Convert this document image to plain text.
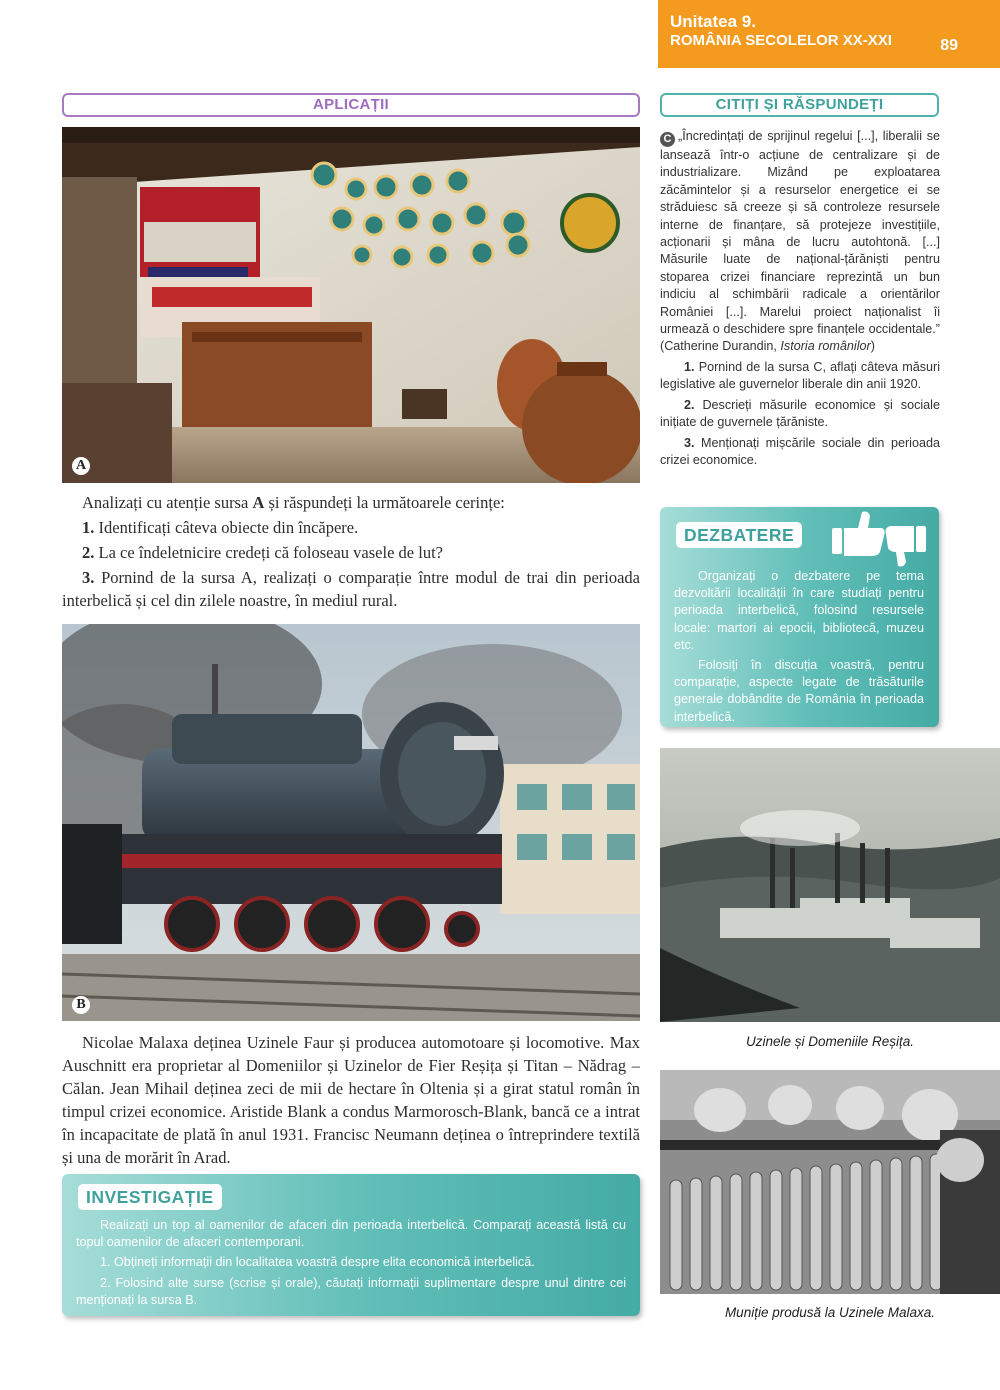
Unitatea 9.
ROMÂNIA SECOLELOR XX-XXI	89
APLICAȚII
A

Analizați cu atenție sursa A și răspundeți la următoarele cerințe:

1. Identificați câteva obiecte din încăpere.

2. La ce îndeletnicire credeți că foloseau vasele de lut?

3. Pornind de la sursa A, realizați o comparație între modul de trai din perioada interbelică și cel din zilele noastre, în mediul rural.

B

Nicolae Malaxa deținea Uzinele Faur și producea automotoare și locomotive. Max Auschnitt era proprietar al Domeniilor și Uzinelor de Fier Reșița și Titan – Nădrag – Călan. Jean Mihail deținea zeci de mii de hectare în Oltenia și a girat statul român în timpul crizei economice. Aristide Blank a condus Marmorosch-Blank, bancă ce a intrat în incapacitate de plată în anul 1931. Francisc Neumann deținea o întreprindere textilă și una de morărit în Arad.

INVESTIGAȚIE

Realizați un top al oamenilor de afaceri din perioada interbelică. Comparați această listă cu topul oamenilor de afaceri contemporani.

1. Obțineți informații din localitatea voastră despre elita economică interbelică.

2. Folosind alte surse (scrise și orale), căutați informații suplimentare despre unul dintre cei menționați la sursa B.

CITIȚI ȘI RĂSPUNDEȚI

C „Încredințați de sprijinul regelui [...], liberalii se lansează într-o acțiune de centralizare și de industrializare. Mizând pe exploatarea zăcămintelor și a resurselor energetice ei se străduiesc să creeze și să controleze resursele interne de finanțare, să protejeze investițiile, acționarii și mâna de lucru autohtonă. [...] Măsurile luate de național-țărăniști pentru stoparea crizei financiare reprezintă un bun indiciu al schimbării radicale a orientărilor României [...]. Marelui proiect naționalist îi urmează o deschidere spre finanțele occidentale.” (Catherine Durandin, Istoria românilor)

1. Pornind de la sursa C, aflați câteva măsuri legislative ale guvernelor liberale din anii 1920.

2. Descrieți măsurile economice și sociale inițiate de guvernele țărăniste.

3. Menționați mișcările sociale din perioada crizei economice.

DEZBATERE

Organizați o dezbatere pe tema dezvoltării localității în care studiați pentru perioada interbelică, folosind resursele locale: martori ai epocii, bibliotecă, muzeu etc.

Folosiți în discuția voastră, pentru comparație, aspecte legate de trăsăturile generale dobândite de România în perioada interbelică.

Uzinele și Domeniile Reșița.
Muniție produsă la Uzinele Malaxa.
